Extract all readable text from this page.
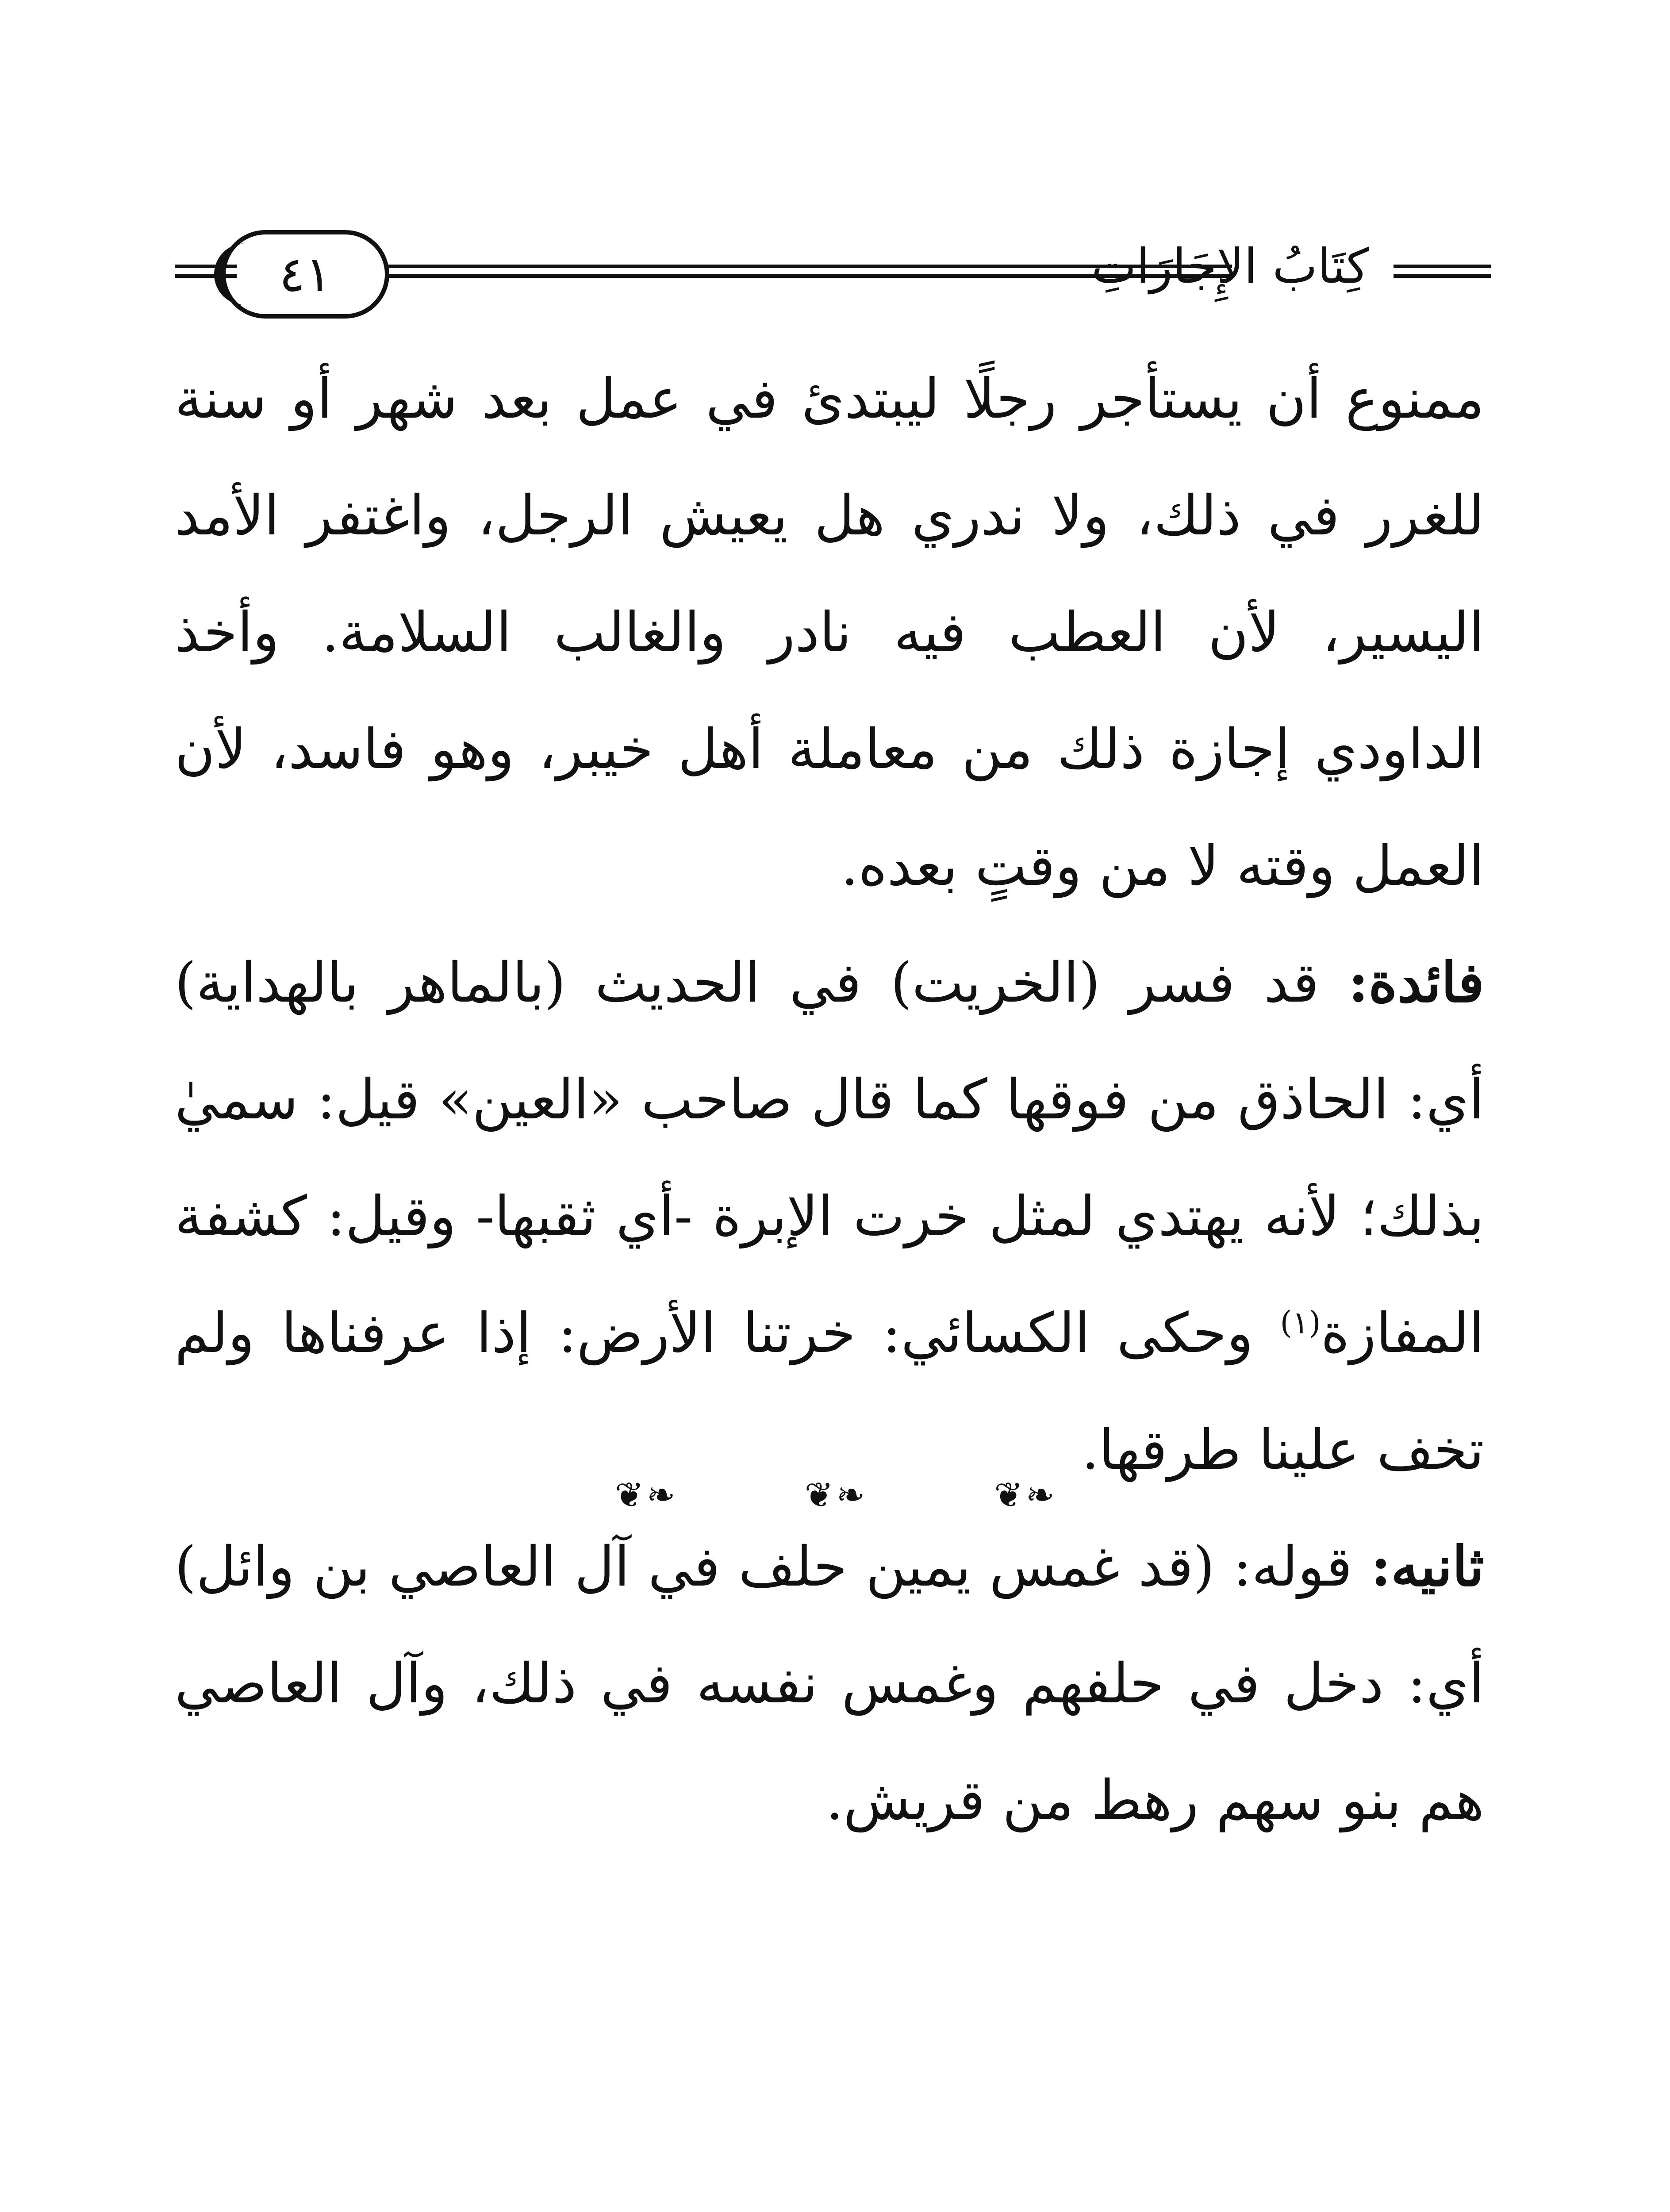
كِتَابُ الإِجَارَاتِ
٤١

ممنوع أن يستأجر رجلًا ليبتدئ في عمل بعد شهر أو سنة للغرر في ذلك، ولا ندري هل يعيش الرجل، واغتفر الأمد اليسير، لأن العطب فيه نادر والغالب السلامة. وأخذ الداودي إجازة ذلك من معاملة أهل خيبر، وهو فاسد، لأن العمل وقته لا من وقتٍ بعده.

فائدة: قد فسر (الخريت) في الحديث (بالماهر بالهداية) أي: الحاذق من فوقها كما قال صاحب «العين» قيل: سميٰ بذلك؛ لأنه يهتدي لمثل خرت الإبرة -أي ثقبها- وقيل: كشفة المفازة$^{(١)}$ وحكى الكسائي: خرتنا الأرض: إذا عرفناها ولم تخف علينا طرقها.

ثانيه: قوله: (قد غمس يمين حلف في آل العاصي بن وائل) أي: دخل في حلفهم وغمس نفسه في ذلك، وآل العاصي هم بنو سهم رهط من قريش.

❦❧	❦❧	❦❧
